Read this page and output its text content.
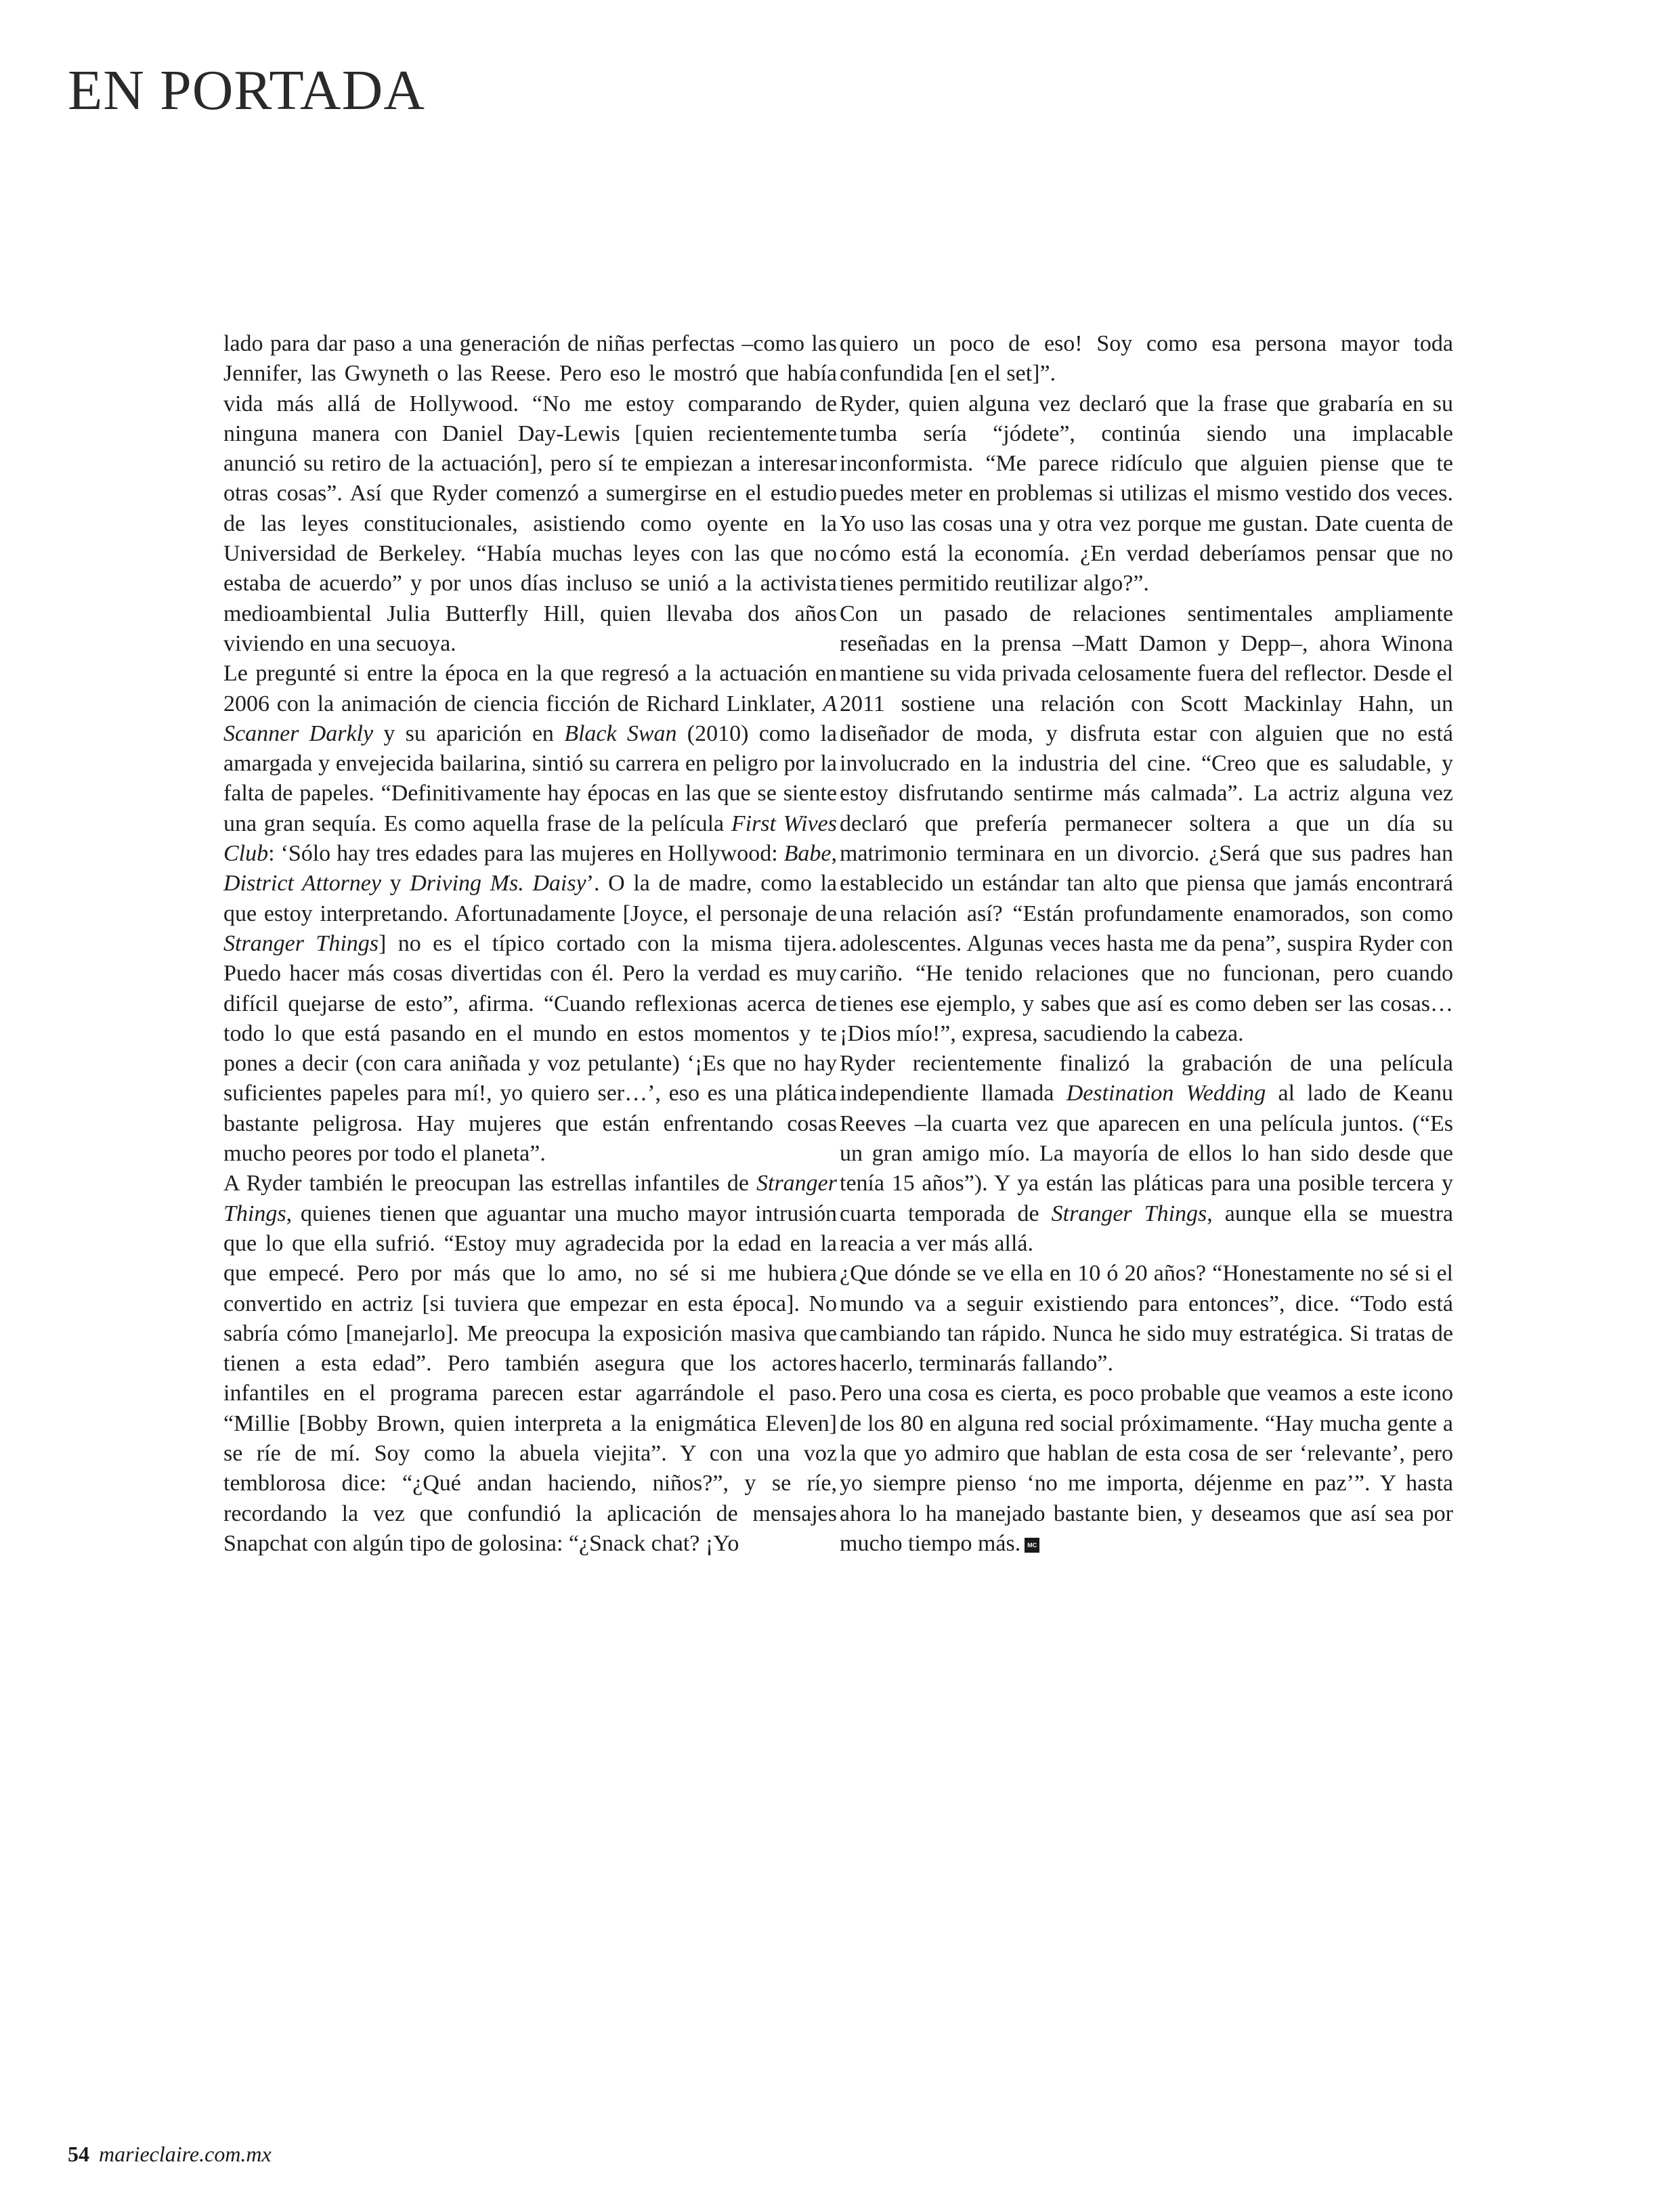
EN PORTADA

lado para dar paso a una generación de niñas perfectas –como las Jennifer, las Gwyneth o las Reese. Pero eso le mostró que había vida más allá de Hollywood. “No me estoy comparando de ninguna manera con Daniel Day-Lewis [quien recientemente anunció su retiro de la actuación], pero sí te empiezan a interesar otras cosas”. Así que Ryder comenzó a sumergirse en el estudio de las leyes constitucionales, asistiendo como oyente en la Universidad de Berkeley. “Había muchas leyes con las que no estaba de acuerdo” y por unos días incluso se unió a la activista medioambiental Julia Butterfly Hill, quien llevaba dos años viviendo en una secuoya.

Le pregunté si entre la época en la que regresó a la actuación en 2006 con la animación de ciencia ficción de Richard Linklater, A Scanner Darkly y su aparición en Black Swan (2010) como la amargada y envejecida bailarina, sintió su carrera en peligro por la falta de papeles. “Definitivamente hay épocas en las que se siente una gran sequía. Es como aquella frase de la película First Wives Club: ‘Sólo hay tres edades para las mujeres en Hollywood: Babe, District Attorney y Driving Ms. Daisy’. O la de madre, como la que estoy interpretando. Afortunadamente [Joyce, el personaje de Stranger Things] no es el típico cortado con la misma tijera. Puedo hacer más cosas divertidas con él. Pero la verdad es muy difícil quejarse de esto”, afirma. “Cuando reflexionas acerca de todo lo que está pasando en el mundo en estos momentos y te pones a decir (con cara aniñada y voz petulante) ‘¡Es que no hay suficientes papeles para mí!, yo quiero ser…’, eso es una plática bastante peligrosa. Hay mujeres que están enfrentando cosas mucho peores por todo el planeta”.

A Ryder también le preocupan las estrellas infantiles de Stranger Things, quienes tienen que aguantar una mucho mayor intrusión que lo que ella sufrió. “Estoy muy agradecida por la edad en la que empecé. Pero por más que lo amo, no sé si me hubiera convertido en actriz [si tuviera que empezar en esta época]. No sabría cómo [manejarlo]. Me preocupa la exposición masiva que tienen a esta edad”. Pero también asegura que los actores infantiles en el programa parecen estar agarrándole el paso. “Millie [Bobby Brown, quien interpreta a la enigmática Eleven] se ríe de mí. Soy como la abuela viejita”. Y con una voz temblorosa dice: “¿Qué andan haciendo, niños?”, y se ríe, recordando la vez que confundió la aplicación de mensajes Snapchat con algún tipo de golosina: “¿Snack chat? ¡Yo

quiero un poco de eso! Soy como esa persona mayor toda confundida [en el set]”.

Ryder, quien alguna vez declaró que la frase que grabaría en su tumba sería “jódete”, continúa siendo una implacable inconformista. “Me parece ridículo que alguien piense que te puedes meter en problemas si utilizas el mismo vestido dos veces. Yo uso las cosas una y otra vez porque me gustan. Date cuenta de cómo está la economía. ¿En verdad deberíamos pensar que no tienes permitido reutilizar algo?”.

Con un pasado de relaciones sentimentales ampliamente reseñadas en la prensa –Matt Damon y Depp–, ahora Winona mantiene su vida privada celosamente fuera del reflector. Desde el 2011 sostiene una relación con Scott Mackinlay Hahn, un diseñador de moda, y disfruta estar con alguien que no está involucrado en la industria del cine. “Creo que es saludable, y estoy disfrutando sentirme más calmada”. La actriz alguna vez declaró que prefería permanecer soltera a que un día su matrimonio terminara en un divorcio. ¿Será que sus padres han establecido un estándar tan alto que piensa que jamás encontrará una relación así? “Están profundamente enamorados, son como adolescentes. Algunas veces hasta me da pena”, suspira Ryder con cariño. “He tenido relaciones que no funcionan, pero cuando tienes ese ejemplo, y sabes que así es como deben ser las cosas… ¡Dios mío!”, expresa, sacudiendo la cabeza.

Ryder recientemente finalizó la grabación de una película independiente llamada Destination Wedding al lado de Keanu Reeves –la cuarta vez que aparecen en una película juntos. (“Es un gran amigo mío. La mayoría de ellos lo han sido desde que tenía 15 años”). Y ya están las pláticas para una posible tercera y cuarta temporada de Stranger Things, aunque ella se muestra reacia a ver más allá.

¿Que dónde se ve ella en 10 ó 20 años? “Honestamente no sé si el mundo va a seguir existiendo para entonces”, dice. “Todo está cambiando tan rápido. Nunca he sido muy estratégica. Si tratas de hacerlo, terminarás fallando”.

Pero una cosa es cierta, es poco probable que veamos a este icono de los 80 en alguna red social próximamente. “Hay mucha gente a la que yo admiro que hablan de esta cosa de ser ‘relevante’, pero yo siempre pienso ‘no me importa, déjenme en paz’”. Y hasta ahora lo ha manejado bastante bien, y deseamos que así sea por mucho tiempo más. MC

54 marieclaire.com.mx
